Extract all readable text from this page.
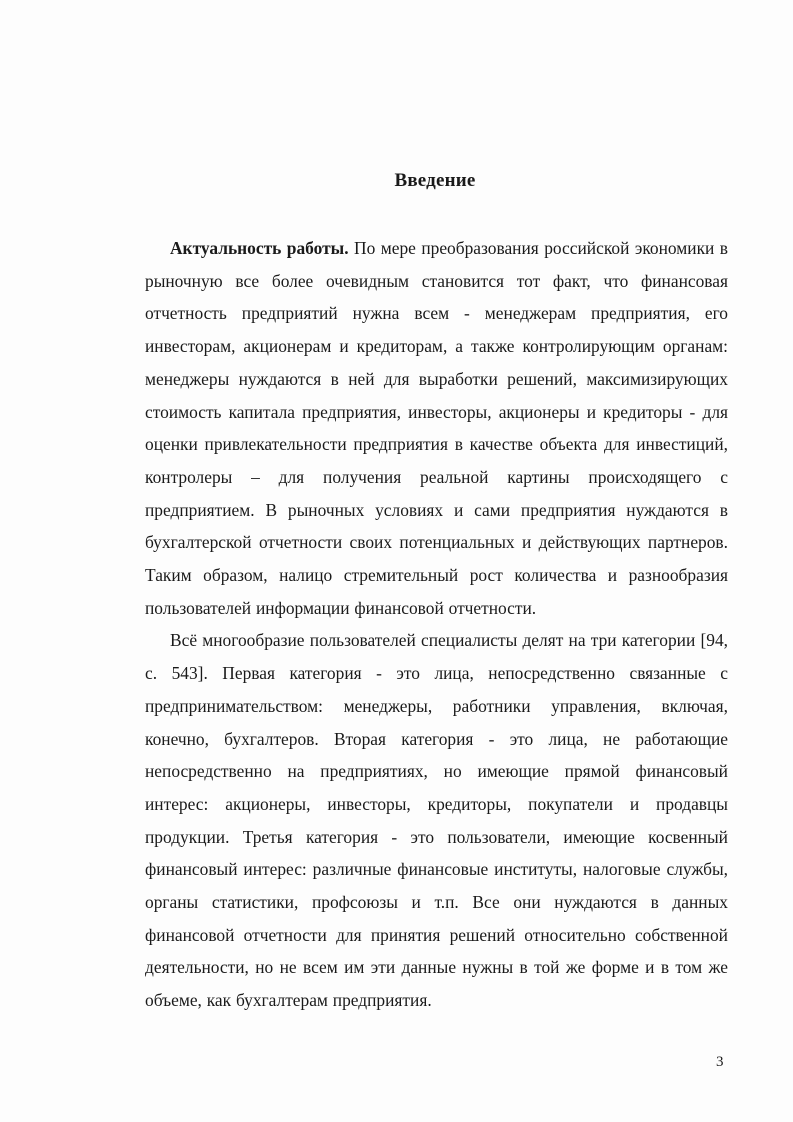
Введение

Актуальность работы. По мере преобразования российской экономики в рыночную все более очевидным становится тот факт, что финансовая отчетность предприятий нужна всем - менеджерам предприятия, его инвесторам, акционерам и кредиторам, а также контролирующим органам: менеджеры нуждаются в ней для выработки решений, максимизирующих стоимость капитала предприятия, инвесторы, акционеры и кредиторы - для оценки привлекательности предприятия в качестве объекта для инвестиций, контролеры – для получения реальной картины происходящего с предприятием. В рыночных условиях и сами предприятия нуждаются в бухгалтерской отчетности своих потенциальных и действующих партнеров. Таким образом, налицо стремительный рост количества и разнообразия пользователей информации финансовой отчетности.

Всё многообразие пользователей специалисты делят на три категории [94, с. 543]. Первая категория - это лица, непосредственно связанные с предпринимательством: менеджеры, работники управления, включая, конечно, бухгалтеров. Вторая категория - это лица, не работающие непосредственно на предприятиях, но имеющие прямой финансовый интерес: акционеры, инвесторы, кредиторы, покупатели и продавцы продукции. Третья категория - это пользователи, имеющие косвенный финансовый интерес: различные финансовые институты, налоговые службы, органы статистики, профсоюзы и т.п. Все они нуждаются в данных финансовой отчетности для принятия решений относительно собственной деятельности, но не всем им эти данные нужны в той же форме и в том же объеме, как бухгалтерам предприятия.

3
